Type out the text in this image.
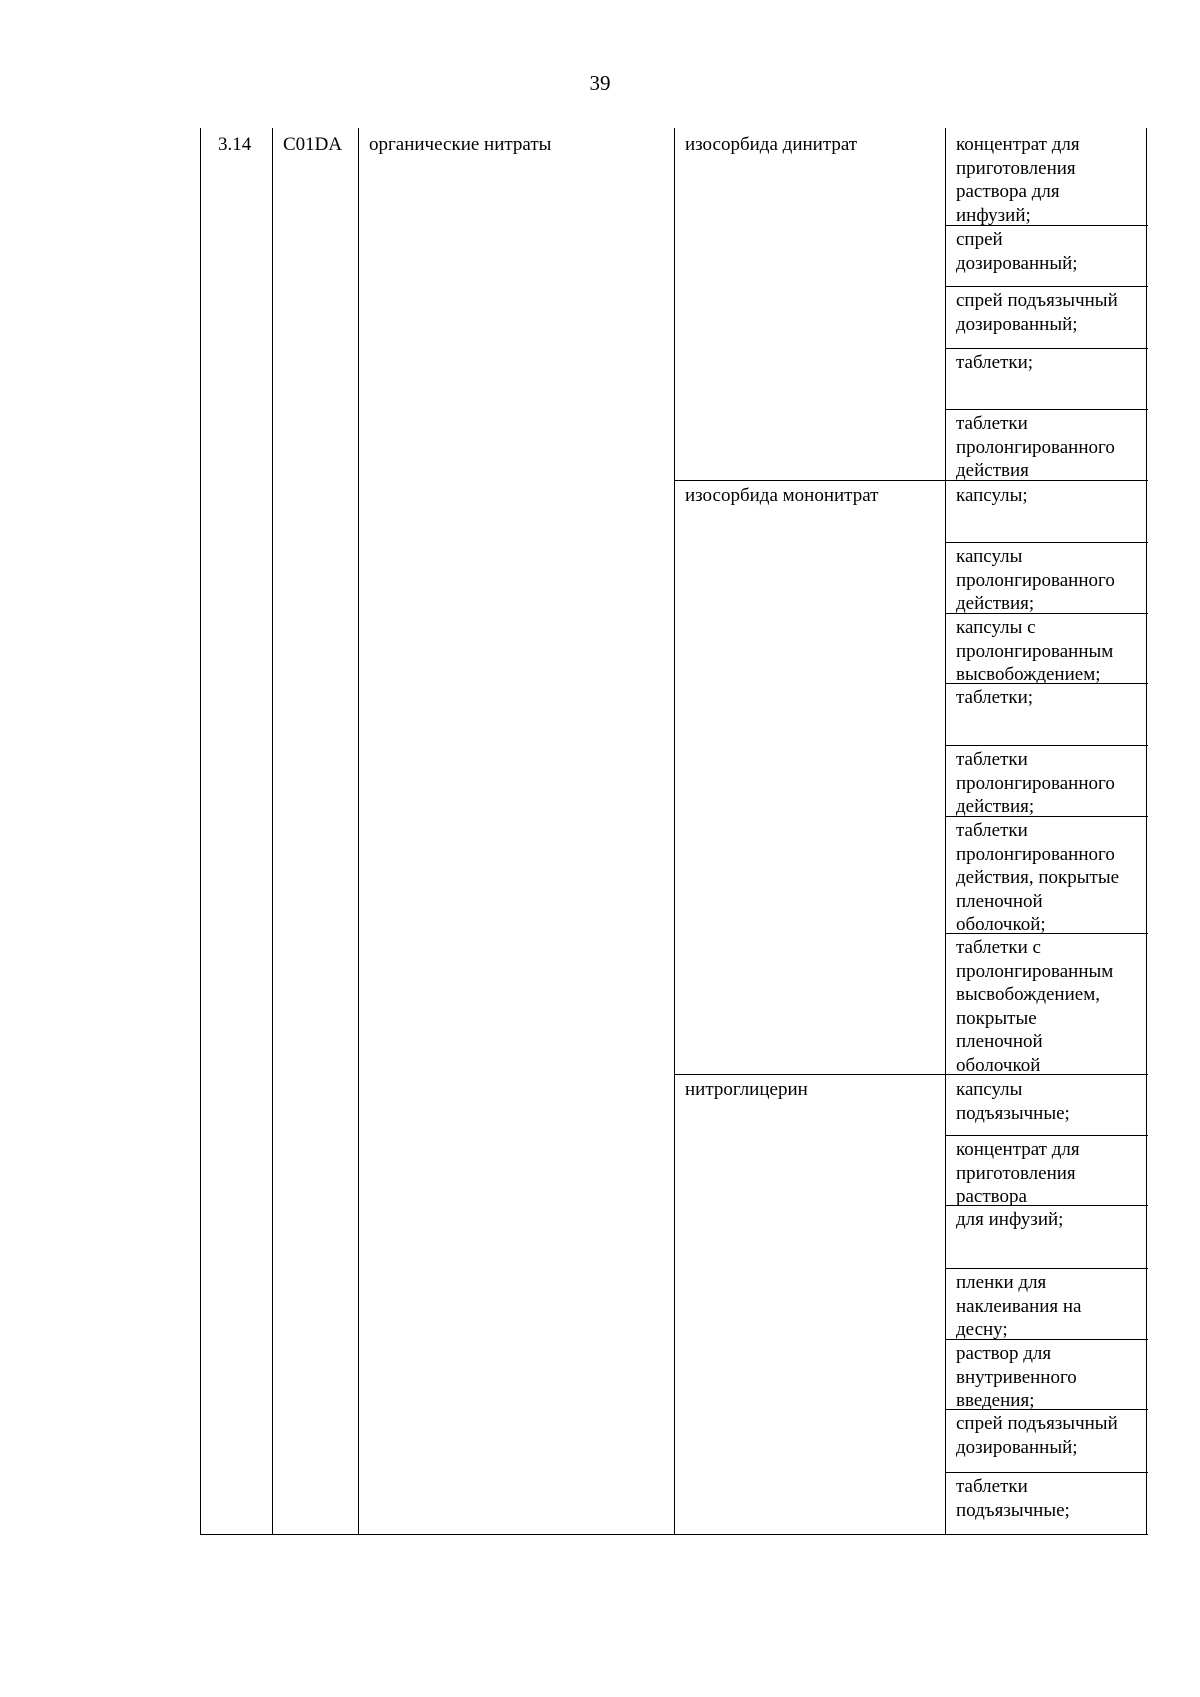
39
3.14 C01DA органические нитраты	изосорбида динитрат
изосорбида мононитрат
нитроглицерин
концентрат для
приготовления
раствора для
инфузий;
спрей
дозированный;
спрей подъязычный
дозированный;
таблетки;
таблетки
пролонгированного
действия
капсулы;
капсулы
пролонгированного
действия;
капсулы с
пролонгированным
высвобождением;
таблетки;
таблетки
пролонгированного
действия;
таблетки
пролонгированного
действия, покрытые
пленочной
оболочкой;
таблетки с
пролонгированным
высвобождением,
покрытые
пленочной
оболочкой
капсулы
подъязычные;
концентрат для
приготовления
раствора
для инфузий;
пленки для
наклеивания на
десну;
раствор для
внутривенного
введения;
спрей подъязычный
дозированный;
таблетки
подъязычные;
